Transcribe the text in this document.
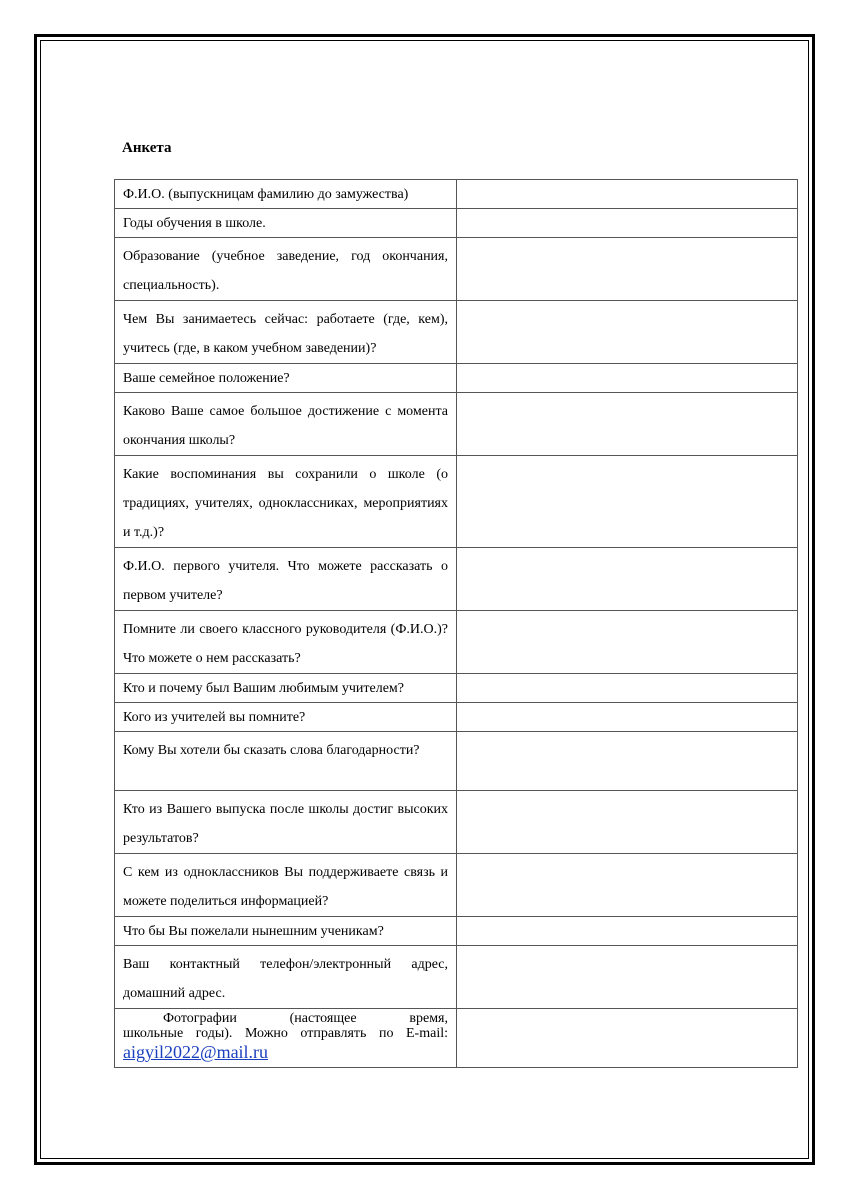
Анкета
Ф.И.О. (выпускницам фамилию до замужества)	
Годы обучения в школе.	
Образование (учебное заведение, год окончания, специальность).	
Чем Вы занимаетесь сейчас: работаете (где, кем), учитесь (где, в каком учебном заведении)?	
Ваше семейное положение?	
Каково Ваше самое большое достижение с момента окончания школы?	
Какие воспоминания вы сохранили о школе (о традициях, учителях, одноклассниках, мероприятиях и т.д.)?	
Ф.И.О. первого учителя. Что можете рассказать о первом учителе?	
Помните ли своего классного руководителя (Ф.И.О.)? Что можете о нем рассказать?	
Кто и почему был Вашим любимым учителем?	
Кого из учителей вы помните?	
Кому Вы хотели бы сказать слова благодарности?	
Кто из Вашего выпуска после школы достиг высоких результатов?	
С кем из одноклассников Вы поддерживаете связь и можете поделиться информацией?	
Что бы Вы пожелали нынешним ученикам?	
Ваш контактный телефон/электронный адрес, домашний адрес.	

Фотографии (настоящее время,
школьные годы). Можно отправлять по E-mail:
aigyil2022@mail.ru	
